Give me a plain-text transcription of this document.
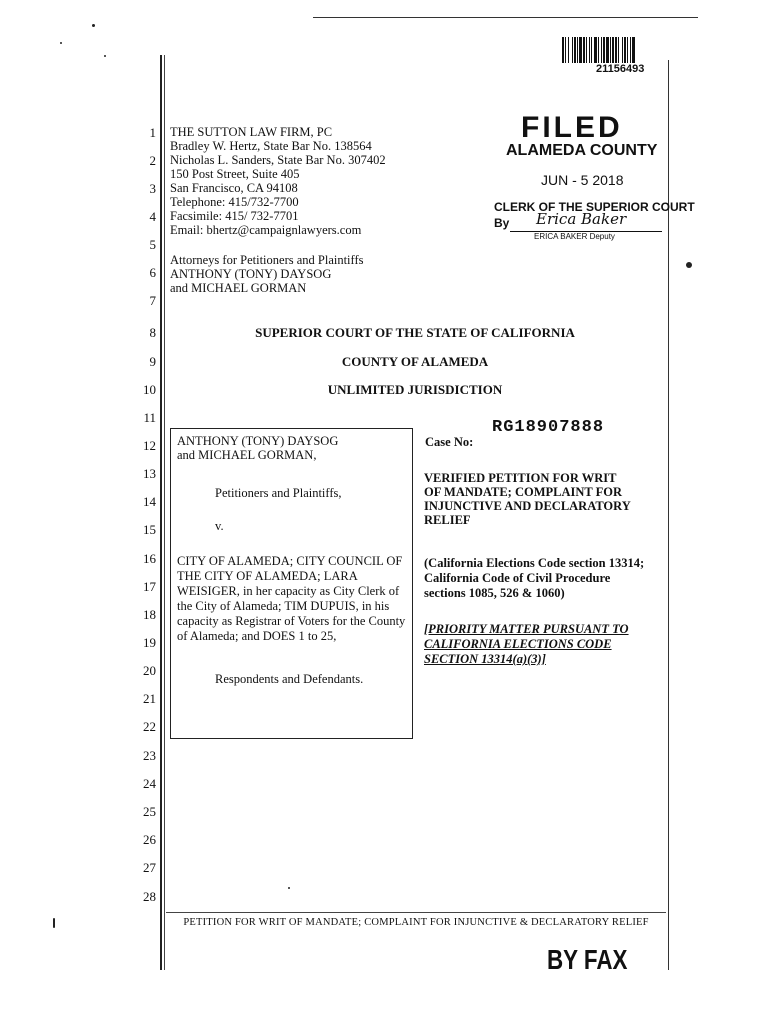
21156493
1
2
3
4
5
6
7
8
9
10
11
12
13
14
15
16
17
18
19
20
21
22
23
24
25
26
27
28
THE SUTTON LAW FIRM, PC
Bradley W. Hertz, State Bar No. 138564
Nicholas L. Sanders, State Bar No. 307402
150 Post Street, Suite 405
San Francisco, CA 94108
Telephone: 415/732-7700
Facsimile: 415/ 732-7701
Email: bhertz@campaignlawyers.com
Attorneys for Petitioners and Plaintiffs
ANTHONY (TONY) DAYSOG
and MICHAEL GORMAN
FILED
ALAMEDA COUNTY
JUN - 5 2018
CLERK OF THE SUPERIOR COURT
By Erica Baker
ERICA BAKER Deputy
SUPERIOR COURT OF THE STATE OF CALIFORNIA
COUNTY OF ALAMEDA
UNLIMITED JURISDICTION
ANTHONY (TONY) DAYSOG
and MICHAEL GORMAN,
Petitioners and Plaintiffs,
v.
CITY OF ALAMEDA; CITY COUNCIL OF
THE CITY OF ALAMEDA; LARA
WEISIGER, in her capacity as City Clerk of
the City of Alameda; TIM DUPUIS, in his
capacity as Registrar of Voters for the County
of Alameda; and DOES 1 to 25,
Respondents and Defendants.
Case No:
RG18907888
VERIFIED PETITION FOR WRIT
OF MANDATE; COMPLAINT FOR
INJUNCTIVE AND DECLARATORY
RELIEF
(California Elections Code section 13314;
California Code of Civil Procedure
sections 1085, 526 & 1060)
[PRIORITY MATTER PURSUANT TO
CALIFORNIA ELECTIONS CODE
SECTION 13314(a)(3)]
PETITION FOR WRIT OF MANDATE; COMPLAINT FOR INJUNCTIVE & DECLARATORY RELIEF
BY FAX
